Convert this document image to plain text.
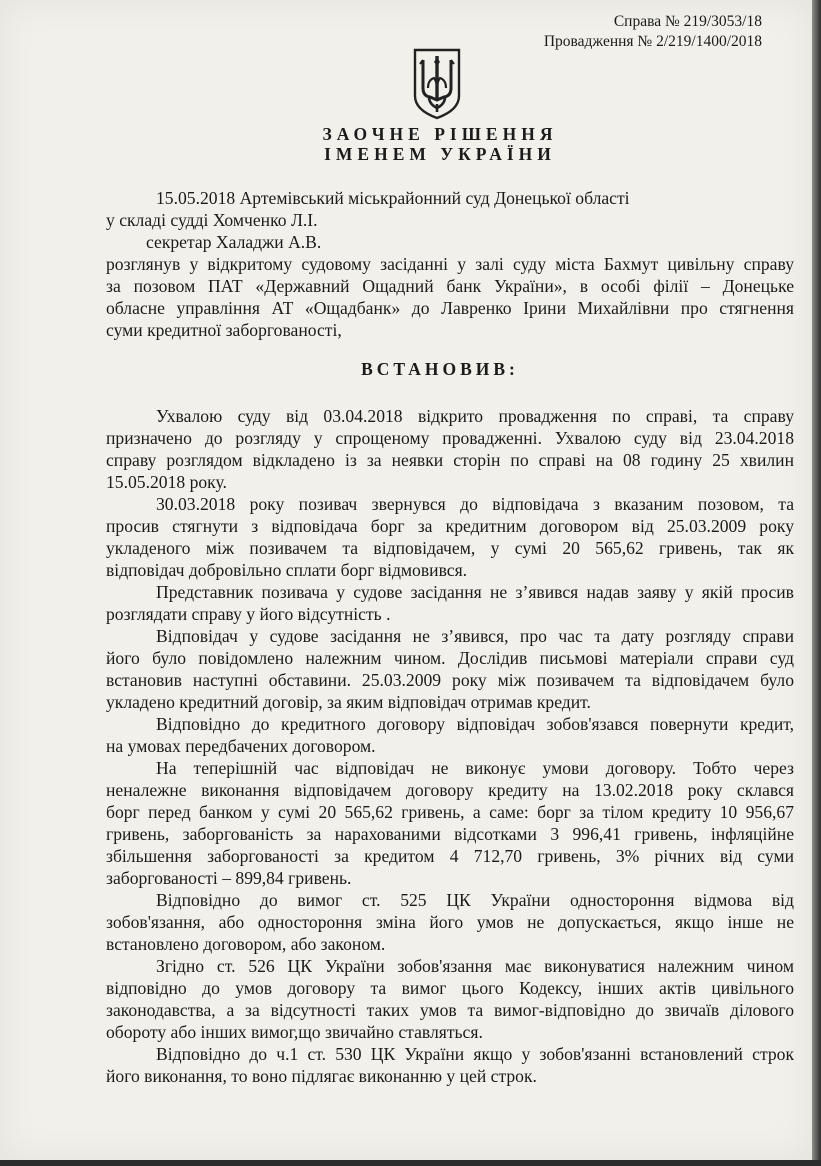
Справа № 219/3053/18
Провадження № 2/219/1400/2018
ЗАОЧНЕ РІШЕННЯ
ІМЕНЕМ УКРАЇНИ
15.05.2018 Артемівський міськрайонний суд Донецької області
у складі судді Хомченко Л.І.
секретар Халаджи А.В.
розглянув у відкритому судовому засіданні у залі суду міста Бахмут цивільну справу
за позовом ПАТ «Державний Ощадний банк України», в особі філії – Донецьке
обласне управління АТ «Ощадбанк» до Лавренко Ірини Михайлівни про стягнення
суми кредитної заборгованості,
ВСТАНОВИВ:
Ухвалою суду від 03.04.2018 відкрито провадження по справі, та справу
призначено до розгляду у спрощеному провадженні. Ухвалою суду від 23.04.2018
справу розглядом відкладено із за неявки сторін по справі на 08 годину 25 хвилин
15.05.2018 року.
30.03.2018 року позивач звернувся до відповідача з вказаним позовом, та
просив стягнути з відповідача борг за кредитним договором від 25.03.2009 року
укладеного між позивачем та відповідачем, у сумі 20 565,62 гривень, так як
відповідач добровільно сплати борг відмовився.
Представник позивача у судове засідання не з’явився надав заяву у якій просив
розглядати справу у його відсутність .
Відповідач у судове засідання не з’явився, про час та дату розгляду справи
його було повідомлено належним чином. Дослідив письмові матеріали справи суд
встановив наступні обставини. 25.03.2009 року між позивачем та відповідачем було
укладено кредитний договір, за яким відповідач отримав кредит.
Відповідно до кредитного договору відповідач зобов'язався повернути кредит,
на умовах передбачених договором.
На теперішній час відповідач не виконує умови договору. Тобто через
неналежне виконання відповідачем договору кредиту на 13.02.2018 року склався
борг перед банком у сумі 20 565,62 гривень, а саме: борг за тілом кредиту 10 956,67
гривень, заборгованість за нарахованими відсотками 3 996,41 гривень, інфляційне
збільшення заборгованості за кредитом 4 712,70 гривень, 3% річних від суми
заборгованості – 899,84 гривень.
Відповідно до вимог ст. 525 ЦК України одностороння відмова від
зобов'язання, або одностороння зміна його умов не допускається, якщо інше не
встановлено договором, або законом.
Згідно ст. 526 ЦК України зобов'язання має виконуватися належним чином
відповідно до умов договору та вимог цього Кодексу, інших актів цивільного
законодавства, а за відсутності таких умов та вимог-відповідно до звичаїв ділового
обороту або інших вимог,що звичайно ставляться.
Відповідно до ч.1 ст. 530 ЦК України якщо у зобов'язанні встановлений строк
його виконання, то воно підлягає виконанню у цей строк.
